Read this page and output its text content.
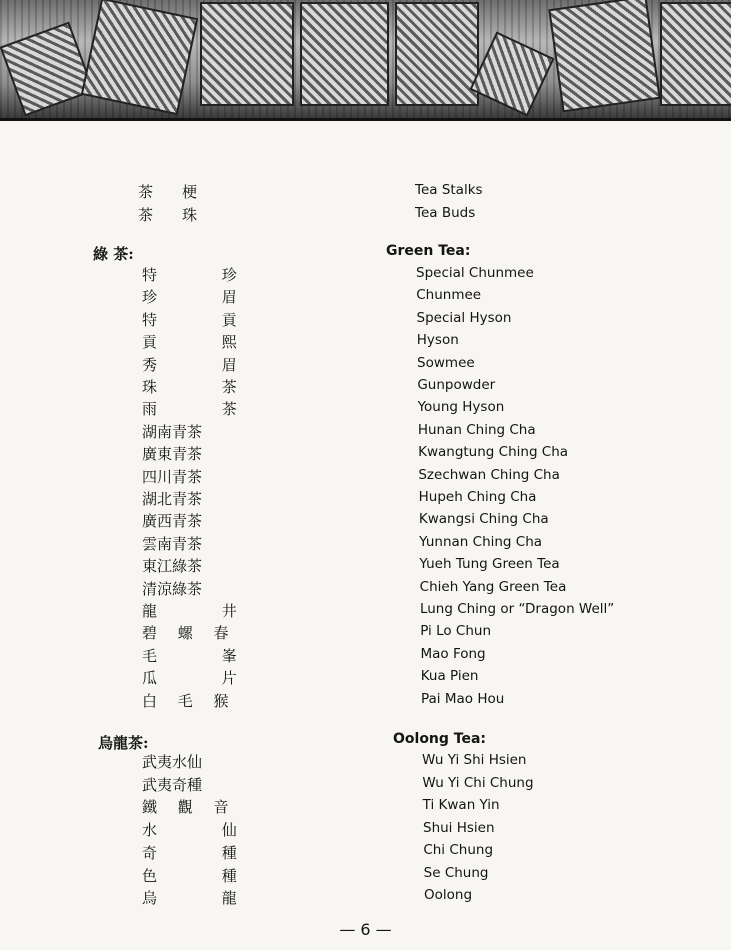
茶 梗	Tea Stalks
茶 珠	Tea Buds
綠 茶:	Green Tea:
特 珍	Special Chunmee
珍 眉	Chunmee
特 貢	Special Hyson
貢 熙	Hyson
秀 眉	Sowmee
珠 茶	Gunpowder
雨 茶	Young Hyson
湖南青茶	Hunan Ching Cha
廣東青茶	Kwangtung Ching Cha
四川青茶	Szechwan Ching Cha
湖北青茶	Hupeh Ching Cha
廣西青茶	Kwangsi Ching Cha
雲南青茶	Yunnan Ching Cha
東江綠茶	Yueh Tung Green Tea
清涼綠茶	Chieh Yang Green Tea
龍 井	Lung Ching or “Dragon Well”
碧 螺 春	Pi Lo Chun
毛 峯	Mao Fong
瓜 片	Kua Pien
白 毛 猴	Pai Mao Hou
烏龍茶:	Oolong Tea:
武夷水仙	Wu Yi Shi Hsien
武夷奇種	Wu Yi Chi Chung
鐵 觀 音	Ti Kwan Yin
水 仙	Shui Hsien
奇 種	Chi Chung
色 種	Se Chung
烏 龍	Oolong
— 6 —
